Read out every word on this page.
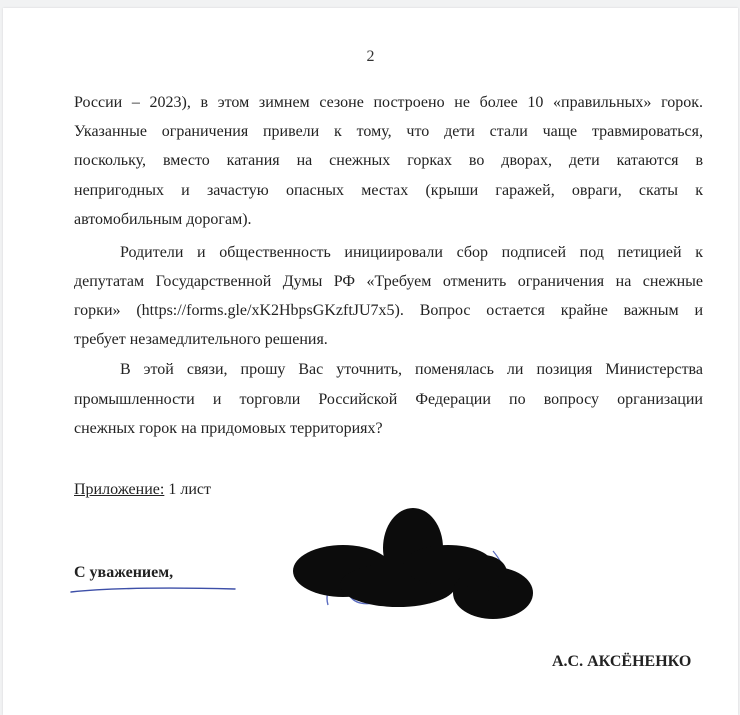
2
России – 2023), в этом зимнем сезоне построено не более 10 «правильных» горок.
Указанные ограничения привели к тому, что дети стали чаще травмироваться,
поскольку, вместо катания на снежных горках во дворах, дети катаются в
непригодных и зачастую опасных местах (крыши гаражей, овраги, скаты к
автомобильным дорогам).
Родители и общественность инициировали сбор подписей под петицией к
депутатам Государственной Думы РФ «Требуем отменить ограничения на снежные
горки» (https://forms.gle/xK2HbpsGKzftJU7x5). Вопрос остается крайне важным и
требует незамедлительного решения.
В этой связи, прошу Вас уточнить, поменялась ли позиция Министерства
промышленности и торговли Российской Федерации по вопросу организации
снежных горок на придомовых территориях?
Приложение: 1 лист
С уважением,
А.С. АКСЁНЕНКО
